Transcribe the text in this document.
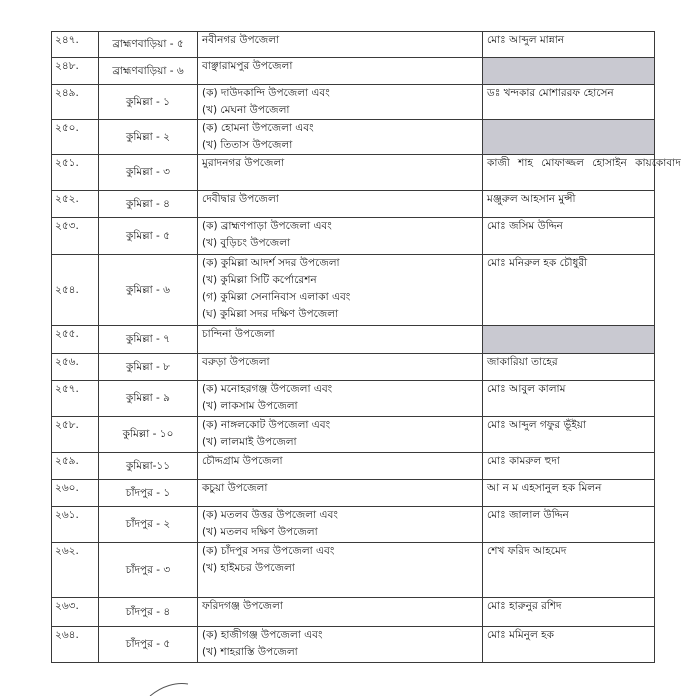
২৪৭.	ব্রাহ্মণবাড়িয়া - ৫	নবীনগর উপজেলা	মোঃ আব্দুল মান্নান
২৪৮.	ব্রাহ্মণবাড়িয়া - ৬	বাঞ্ছারামপুর উপজেলা	

২৪৯.	কুমিল্লা - ১	(ক) দাউদকান্দি উপজেলা এবং
(খ) মেঘনা উপজেলা	ডঃ খন্দকার মোশাররফ হোসেন
২৫০.	কুমিল্লা - ২	(ক) হোমনা উপজেলা এবং
(খ) তিতাস উপজেলা	

২৫১.	কুমিল্লা - ৩	মুরাদনগর উপজেলা	কাজী শাহ মোফাজ্জল হোসাইন কায়কোবাদ
২৫২.	কুমিল্লা - ৪	দেবীদ্বার উপজেলা	মঞ্জুরুল আহসান মুন্সী
২৫৩.	কুমিল্লা - ৫	(ক) ব্রাহ্মণপাড়া উপজেলা এবং
(খ) বুড়িচং উপজেলা	মোঃ জসিম উদ্দিন
২৫৪.	কুমিল্লা - ৬	(ক) কুমিল্লা আদর্শ সদর উপজেলা
(খ) কুমিল্লা সিটি কর্পোরেশন
(গ) কুমিল্লা সেনানিবাস এলাকা এবং
(ঘ) কুমিল্লা সদর দক্ষিণ উপজেলা	মোঃ মনিরুল হক চৌধুরী
২৫৫.	কুমিল্লা - ৭	চান্দিনা উপজেলা	

২৫৬.	কুমিল্লা - ৮	বরুড়া উপজেলা	জাকারিয়া তাহের
২৫৭.	কুমিল্লা - ৯	(ক) মনোহরগঞ্জ উপজেলা এবং
(খ) লাকসাম উপজেলা	মোঃ আবুল কালাম
২৫৮.	কুমিল্লা - ১০	(ক) নাঙ্গলকোট উপজেলা এবং
(খ) লালমাই উপজেলা	মোঃ আব্দুল গফুর ভূঁইয়া
২৫৯.	কুমিল্লা-১১	চৌদ্দগ্রাম উপজেলা	মোঃ কামরুল হুদা
২৬০.	চাঁদপুর - ১	কচুয়া উপজেলা	আ ন ম এহসানুল হক মিলন
২৬১.	চাঁদপুর - ২	(ক) মতলব উত্তর উপজেলা এবং
(খ) মতলব দক্ষিণ উপজেলা	মোঃ জালাল উদ্দিন
২৬২.	চাঁদপুর - ৩	(ক) চাঁদপুর সদর উপজেলা এবং
(খ) হাইমচর উপজেলা	শেখ ফরিদ আহমেদ
২৬৩.	চাঁদপুর - ৪	ফরিদগঞ্জ উপজেলা	মোঃ হারুনুর রশিদ
২৬৪.	চাঁদপুর - ৫	(ক) হাজীগঞ্জ উপজেলা এবং
(খ) শাহরাস্তি উপজেলা	মোঃ মমিনুল হক
